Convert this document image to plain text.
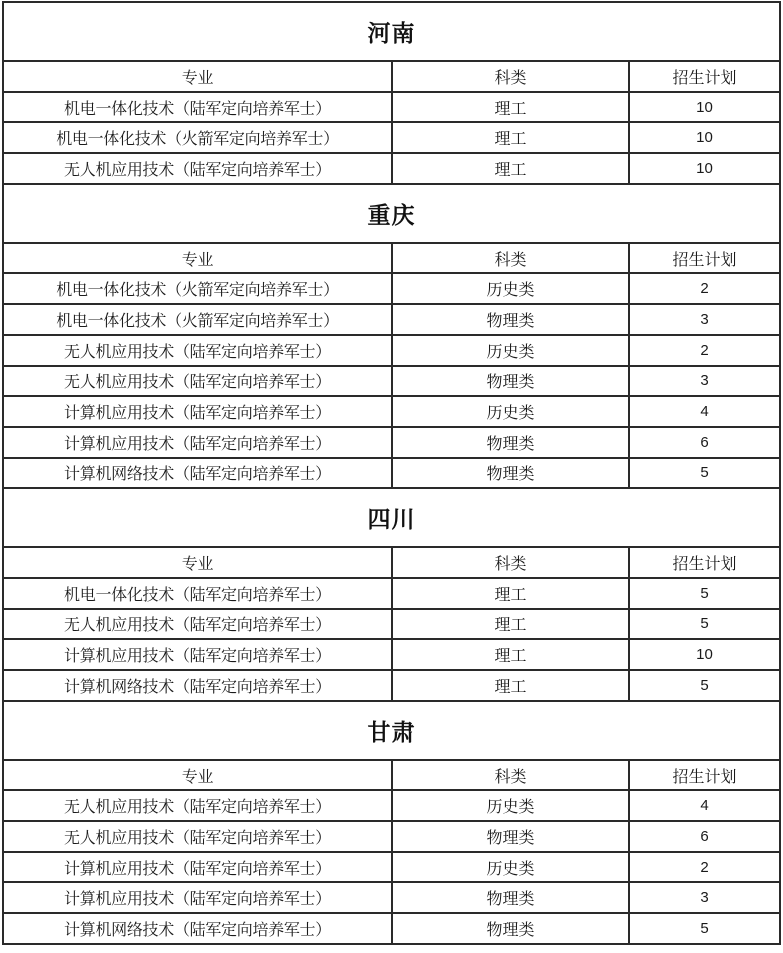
河南
专业	科类	招生计划
机电一体化技术（陆军定向培养军士）	理工	10
机电一体化技术（火箭军定向培养军士）	理工	10
无人机应用技术（陆军定向培养军士）	理工	10
重庆
专业	科类	招生计划
机电一体化技术（火箭军定向培养军士）	历史类	2
机电一体化技术（火箭军定向培养军士）	物理类	3
无人机应用技术（陆军定向培养军士）	历史类	2
无人机应用技术（陆军定向培养军士）	物理类	3
计算机应用技术（陆军定向培养军士）	历史类	4
计算机应用技术（陆军定向培养军士）	物理类	6
计算机网络技术（陆军定向培养军士）	物理类	5
四川
专业	科类	招生计划
机电一体化技术（陆军定向培养军士）	理工	5
无人机应用技术（陆军定向培养军士）	理工	5
计算机应用技术（陆军定向培养军士）	理工	10
计算机网络技术（陆军定向培养军士）	理工	5
甘肃
专业	科类	招生计划
无人机应用技术（陆军定向培养军士）	历史类	4
无人机应用技术（陆军定向培养军士）	物理类	6
计算机应用技术（陆军定向培养军士）	历史类	2
计算机应用技术（陆军定向培养军士）	物理类	3
计算机网络技术（陆军定向培养军士）	物理类	5
